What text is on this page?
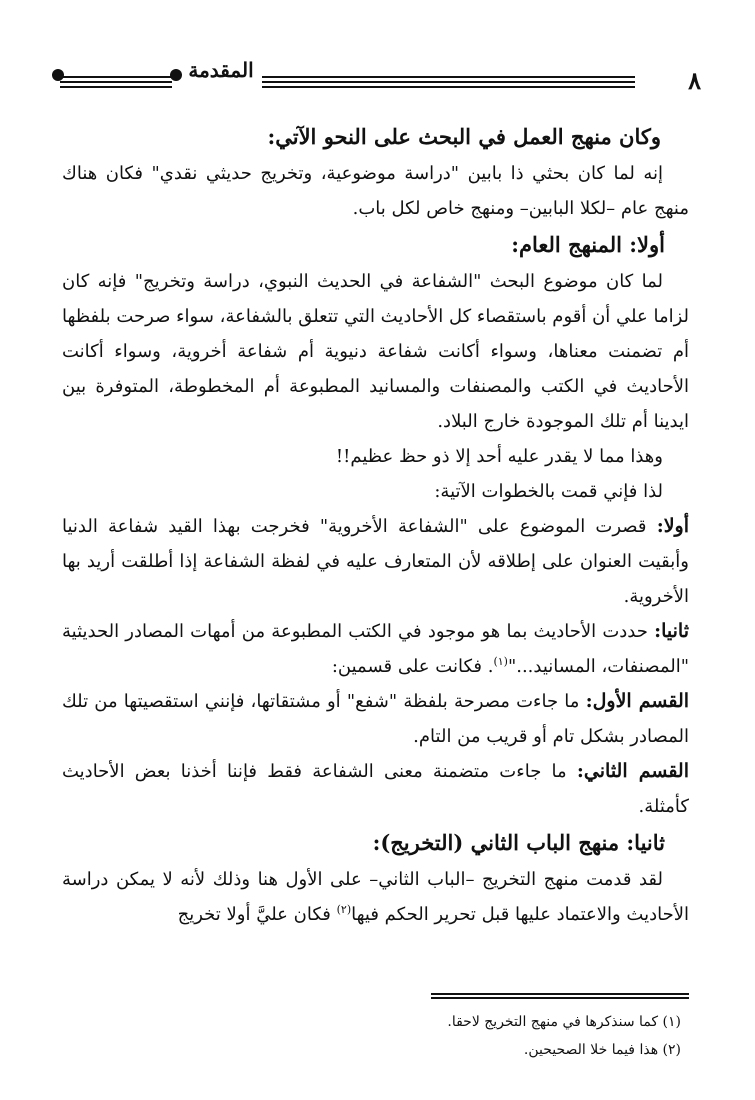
٨
المقدمة
وكان منهج العمل في البحث على النحو الآتي:

إنه لما كان بحثي ذا بابين "دراسة موضوعية، وتخريج حديثي نقدي" فكان هناك منهج عام –لكلا البابين– ومنهج خاص لكل باب.

أولا: المنهج العام:

لما كان موضوع البحث "الشفاعة في الحديث النبوي، دراسة وتخريج" فإنه كان لزاما علي أن أقوم باستقصاء كل الأحاديث التي تتعلق بالشفاعة، سواء صرحت بلفظها أم تضمنت معناها، وسواء أكانت شفاعة دنيوية أم شفاعة أخروية، وسواء أكانت الأحاديث في الكتب والمصنفات والمسانيد المطبوعة أم المخطوطة، المتوفرة بين ايدينا أم تلك الموجودة خارج البلاد.

وهذا مما لا يقدر عليه أحد إلا ذو حظ عظيم!!

لذا فإني قمت بالخطوات الآتية:

أولا: قصرت الموضوع على "الشفاعة الأخروية" فخرجت بهذا القيد شفاعة الدنيا وأبقيت العنوان على إطلاقه لأن المتعارف عليه في لفظة الشفاعة إذا أطلقت أريد بها الأخروية.

ثانيا: حددت الأحاديث بما هو موجود في الكتب المطبوعة من أمهات المصادر الحديثية "المصنفات، المسانيد..."$^{(١)}$. فكانت على قسمين:

القسم الأول: ما جاءت مصرحة بلفظة "شفع" أو مشتقاتها، فإنني استقصيتها من تلك المصادر بشكل تام أو قريب من التام.

القسم الثاني: ما جاءت متضمنة معنى الشفاعة فقط فإننا أخذنا بعض الأحاديث كأمثلة.

ثانيا: منهج الباب الثاني (التخريج):

لقد قدمت منهج التخريج –الباب الثاني– على الأول هنا وذلك لأنه لا يمكن دراسة الأحاديث والاعتماد عليها قبل تحرير الحكم فيها$^{(٢)}$ فكان عليَّ أولا تخريج

(١) كما سنذكرها في منهج التخريج لاحقا.
(٢) هذا فيما خلا الصحيحين.
